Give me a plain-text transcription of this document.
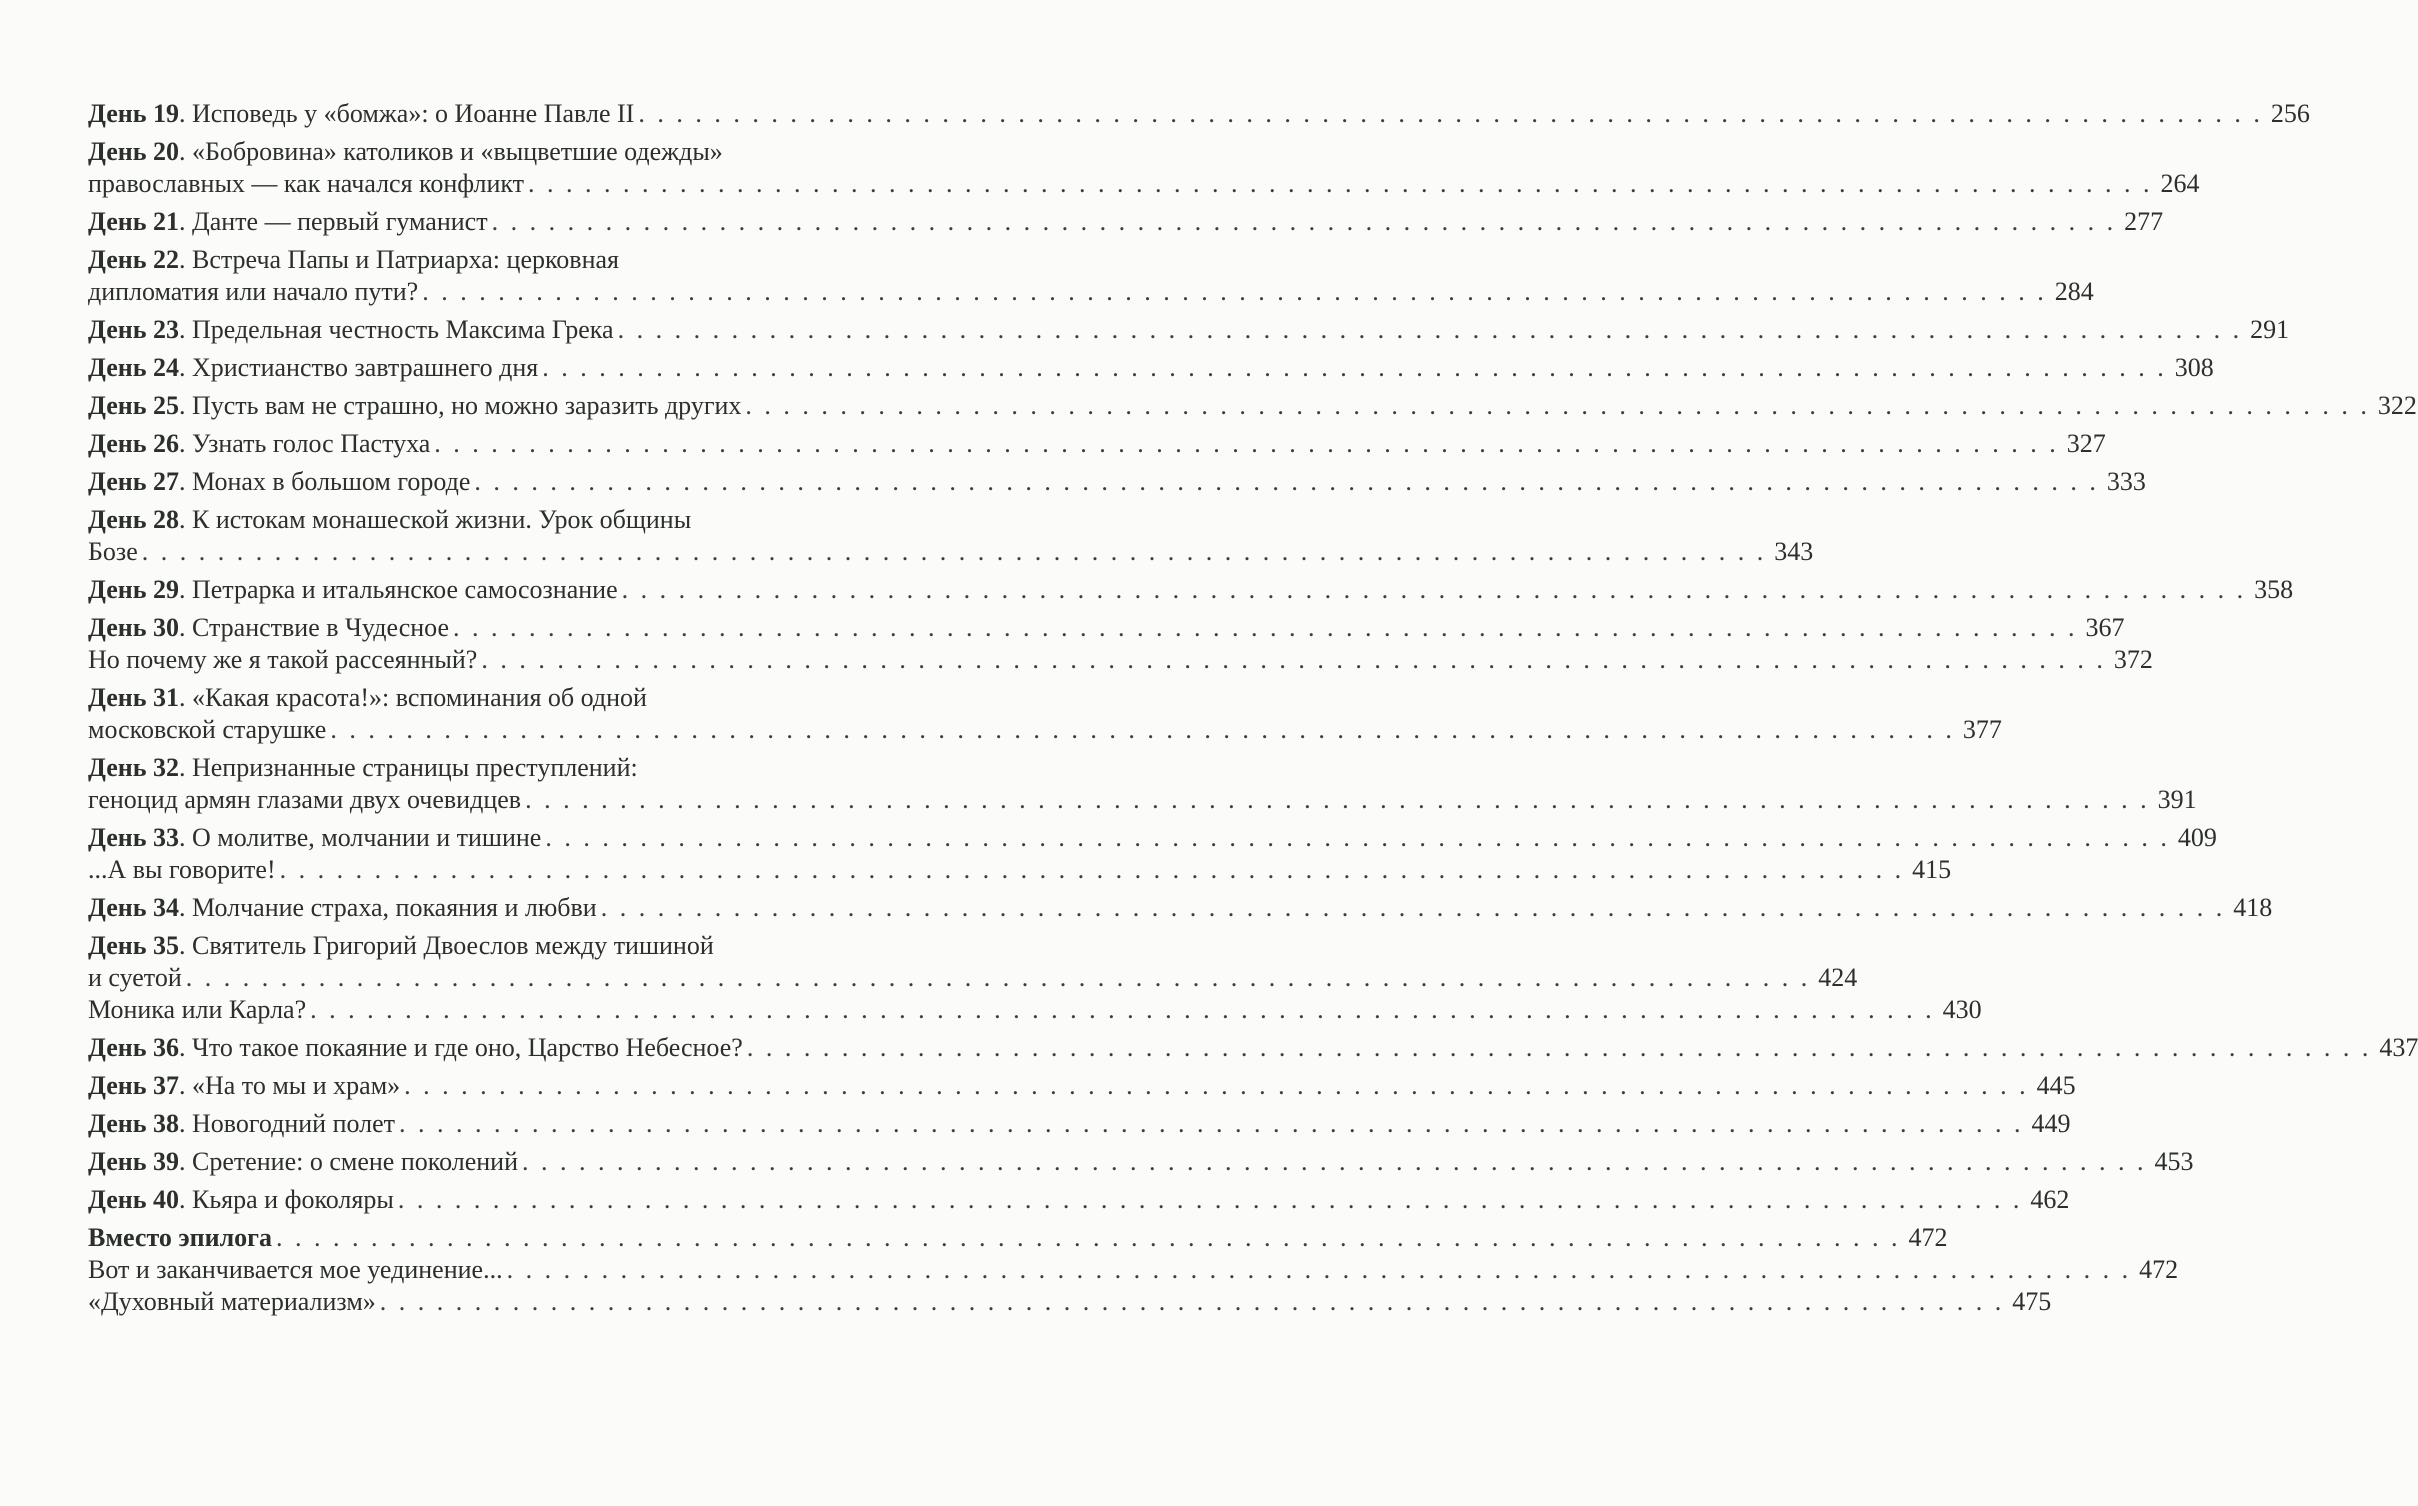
День 19. Исповедь у «бомжа»: о Иоанне Павле II . . . . . . . . . . . . . . . . . . . . . . . . . . . . . . . . . . . . . . . . . . . . . . . . . . . . . . . . . . . . . . . . . . . . . . . . . . . . . . . . . . . . . . 256
День 20. «Бобровина» католиков и «выцветшие одежды»
православных — как начался конфликт . . . . . . . . . . . . . . . . . . . . . . . . . . . . . . . . . . . . . . . . . . . . . . . . . . . . . . . . . . . . . . . . . . . . . . . . . . . . . . . . . . . . . . 264
День 21. Данте — первый гуманист . . . . . . . . . . . . . . . . . . . . . . . . . . . . . . . . . . . . . . . . . . . . . . . . . . . . . . . . . . . . . . . . . . . . . . . . . . . . . . . . . . . . . . 277
День 22. Встреча Папы и Патриарха: церковная
дипломатия или начало пути? . . . . . . . . . . . . . . . . . . . . . . . . . . . . . . . . . . . . . . . . . . . . . . . . . . . . . . . . . . . . . . . . . . . . . . . . . . . . . . . . . . . . . . 284
День 23. Предельная честность Максима Грека . . . . . . . . . . . . . . . . . . . . . . . . . . . . . . . . . . . . . . . . . . . . . . . . . . . . . . . . . . . . . . . . . . . . . . . . . . . . . . . . . . . . . . 291
День 24. Христианство завтрашнего дня . . . . . . . . . . . . . . . . . . . . . . . . . . . . . . . . . . . . . . . . . . . . . . . . . . . . . . . . . . . . . . . . . . . . . . . . . . . . . . . . . . . . . . 308
День 25. Пусть вам не страшно, но можно заразить других . . . . . . . . . . . . . . . . . . . . . . . . . . . . . . . . . . . . . . . . . . . . . . . . . . . . . . . . . . . . . . . . . . . . . . . . . . . . . . . . . . . . . . 322
День 26. Узнать голос Пастуха . . . . . . . . . . . . . . . . . . . . . . . . . . . . . . . . . . . . . . . . . . . . . . . . . . . . . . . . . . . . . . . . . . . . . . . . . . . . . . . . . . . . . . 327
День 27. Монах в большом городе . . . . . . . . . . . . . . . . . . . . . . . . . . . . . . . . . . . . . . . . . . . . . . . . . . . . . . . . . . . . . . . . . . . . . . . . . . . . . . . . . . . . . . 333
День 28. К истокам монашеской жизни. Урок общины
Бозе . . . . . . . . . . . . . . . . . . . . . . . . . . . . . . . . . . . . . . . . . . . . . . . . . . . . . . . . . . . . . . . . . . . . . . . . . . . . . . . . . . . . . . 343
День 29. Петрарка и итальянское самосознание . . . . . . . . . . . . . . . . . . . . . . . . . . . . . . . . . . . . . . . . . . . . . . . . . . . . . . . . . . . . . . . . . . . . . . . . . . . . . . . . . . . . . . 358
День 30. Странствие в Чудесное . . . . . . . . . . . . . . . . . . . . . . . . . . . . . . . . . . . . . . . . . . . . . . . . . . . . . . . . . . . . . . . . . . . . . . . . . . . . . . . . . . . . . . 367
Но почему же я такой рассеянный? . . . . . . . . . . . . . . . . . . . . . . . . . . . . . . . . . . . . . . . . . . . . . . . . . . . . . . . . . . . . . . . . . . . . . . . . . . . . . . . . . . . . . . 372
День 31. «Какая красота!»: вспоминания об одной
московской старушке . . . . . . . . . . . . . . . . . . . . . . . . . . . . . . . . . . . . . . . . . . . . . . . . . . . . . . . . . . . . . . . . . . . . . . . . . . . . . . . . . . . . . . 377
День 32. Непризнанные страницы преступлений:
геноцид армян глазами двух очевидцев . . . . . . . . . . . . . . . . . . . . . . . . . . . . . . . . . . . . . . . . . . . . . . . . . . . . . . . . . . . . . . . . . . . . . . . . . . . . . . . . . . . . . . 391
День 33. О молитве, молчании и тишине . . . . . . . . . . . . . . . . . . . . . . . . . . . . . . . . . . . . . . . . . . . . . . . . . . . . . . . . . . . . . . . . . . . . . . . . . . . . . . . . . . . . . . 409
...А вы говорите! . . . . . . . . . . . . . . . . . . . . . . . . . . . . . . . . . . . . . . . . . . . . . . . . . . . . . . . . . . . . . . . . . . . . . . . . . . . . . . . . . . . . . . 415
День 34. Молчание страха, покаяния и любви . . . . . . . . . . . . . . . . . . . . . . . . . . . . . . . . . . . . . . . . . . . . . . . . . . . . . . . . . . . . . . . . . . . . . . . . . . . . . . . . . . . . . . 418
День 35. Святитель Григорий Двоеслов между тишиной
и суетой . . . . . . . . . . . . . . . . . . . . . . . . . . . . . . . . . . . . . . . . . . . . . . . . . . . . . . . . . . . . . . . . . . . . . . . . . . . . . . . . . . . . . . 424
Моника или Карла? . . . . . . . . . . . . . . . . . . . . . . . . . . . . . . . . . . . . . . . . . . . . . . . . . . . . . . . . . . . . . . . . . . . . . . . . . . . . . . . . . . . . . . 430
День 36. Что такое покаяние и где оно, Царство Небесное? . . . . . . . . . . . . . . . . . . . . . . . . . . . . . . . . . . . . . . . . . . . . . . . . . . . . . . . . . . . . . . . . . . . . . . . . . . . . . . . . . . . . . . 437
День 37. «На то мы и храм» . . . . . . . . . . . . . . . . . . . . . . . . . . . . . . . . . . . . . . . . . . . . . . . . . . . . . . . . . . . . . . . . . . . . . . . . . . . . . . . . . . . . . . 445
День 38. Новогодний полет . . . . . . . . . . . . . . . . . . . . . . . . . . . . . . . . . . . . . . . . . . . . . . . . . . . . . . . . . . . . . . . . . . . . . . . . . . . . . . . . . . . . . . 449
День 39. Сретение: о смене поколений . . . . . . . . . . . . . . . . . . . . . . . . . . . . . . . . . . . . . . . . . . . . . . . . . . . . . . . . . . . . . . . . . . . . . . . . . . . . . . . . . . . . . . 453
День 40. Кьяра и фоколяры . . . . . . . . . . . . . . . . . . . . . . . . . . . . . . . . . . . . . . . . . . . . . . . . . . . . . . . . . . . . . . . . . . . . . . . . . . . . . . . . . . . . . . 462
Вместо эпилога . . . . . . . . . . . . . . . . . . . . . . . . . . . . . . . . . . . . . . . . . . . . . . . . . . . . . . . . . . . . . . . . . . . . . . . . . . . . . . . . . . . . . . 472
Вот и заканчивается мое уединение... . . . . . . . . . . . . . . . . . . . . . . . . . . . . . . . . . . . . . . . . . . . . . . . . . . . . . . . . . . . . . . . . . . . . . . . . . . . . . . . . . . . . . . 472
«Духовный материализм» . . . . . . . . . . . . . . . . . . . . . . . . . . . . . . . . . . . . . . . . . . . . . . . . . . . . . . . . . . . . . . . . . . . . . . . . . . . . . . . . . . . . . . 475
